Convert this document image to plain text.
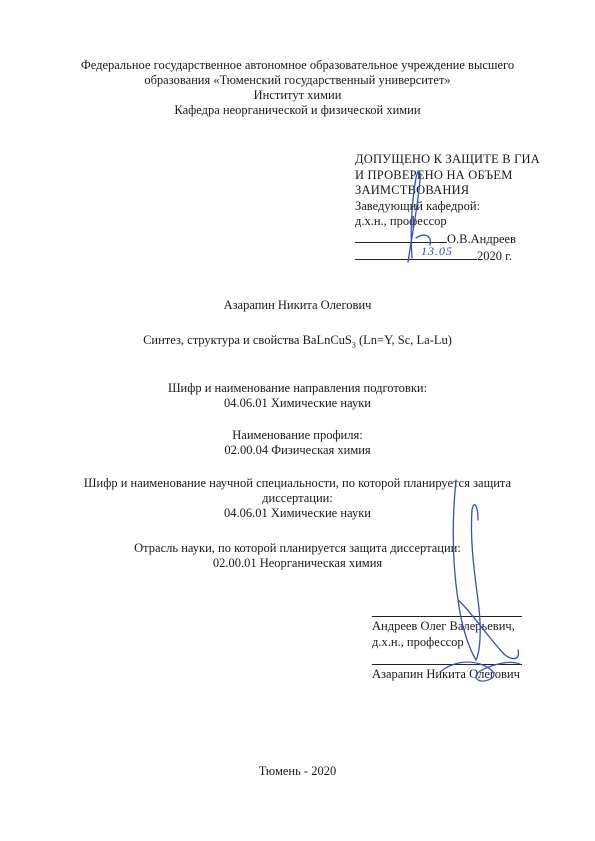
Федеральное государственное автономное образовательное учреждение высшего
образования «Тюменский государственный университет»
Институт химии
Кафедра неорганической и физической химии
ДОПУЩЕНО К ЗАЩИТЕ В ГИА
И ПРОВЕРЕНО НА ОБЪЕМ
ЗАИМСТВОВАНИЯ
Заведующий кафедрой:
д.х.н., профессор
О.В.Андреев
13.05 2020 г.
Азарапин Никита Олегович
Синтез, структура и свойства BaLnCuS$_3$ (Ln=Y, Sc, La-Lu)
Шифр и наименование направления подготовки:
04.06.01 Химические науки
Наименование профиля:
02.00.04 Физическая химия
Шифр и наименование научной специальности, по которой планируется защита
диссертации:
04.06.01 Химические науки
Отрасль науки, по которой планируется защита диссертации:
02.00.01 Неорганическая химия
Андреев Олег Валерьевич,
д.х.н., профессор
Азарапин Никита Олегович
Тюмень - 2020
